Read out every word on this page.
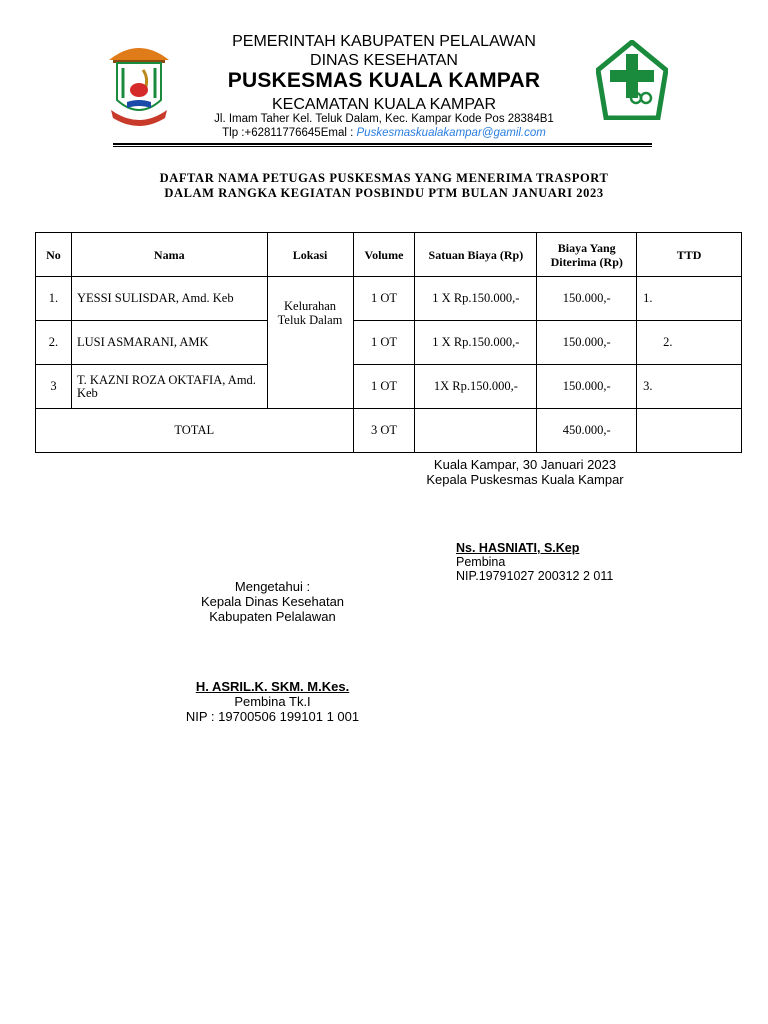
PEMERINTAH KABUPATEN PELALAWAN
DINAS KESEHATAN
PUSKESMAS KUALA KAMPAR
KECAMATAN KUALA KAMPAR
Jl. Imam Taher Kel. Teluk Dalam, Kec. Kampar Kode Pos 28384B1
Tlp :+62811776645Emal : Puskesmaskualakampar@gamil.com
DAFTAR NAMA PETUGAS PUSKESMAS YANG MENERIMA TRASPORT
DALAM RANGKA KEGIATAN POSBINDU PTM BULAN JANUARI 2023
No	Nama	Lokasi	Volume	Satuan Biaya (Rp)	Biaya Yang Diterima (Rp)	TTD
1.	YESSI SULISDAR, Amd. Keb	Kelurahan Teluk Dalam	1 OT	1 X Rp.150.000,-	150.000,-	1.
2.	LUSI ASMARANI, AMK		1 OT	1 X Rp.150.000,-	150.000,-	2.
3	T. KAZNI ROZA OKTAFIA, Amd. Keb		1 OT	1X Rp.150.000,-	150.000,-	3.
TOTAL			3 OT		450.000,-	
Kuala Kampar, 30 Januari 2023
Kepala Puskesmas Kuala Kampar
Ns. HASNIATI, S.Kep
Pembina
NIP.19791027 200312 2 011
Mengetahui :
Kepala Dinas Kesehatan
Kabupaten Pelalawan
H. ASRIL.K. SKM. M.Kes.
Pembina Tk.I
NIP : 19700506 199101 1 001
